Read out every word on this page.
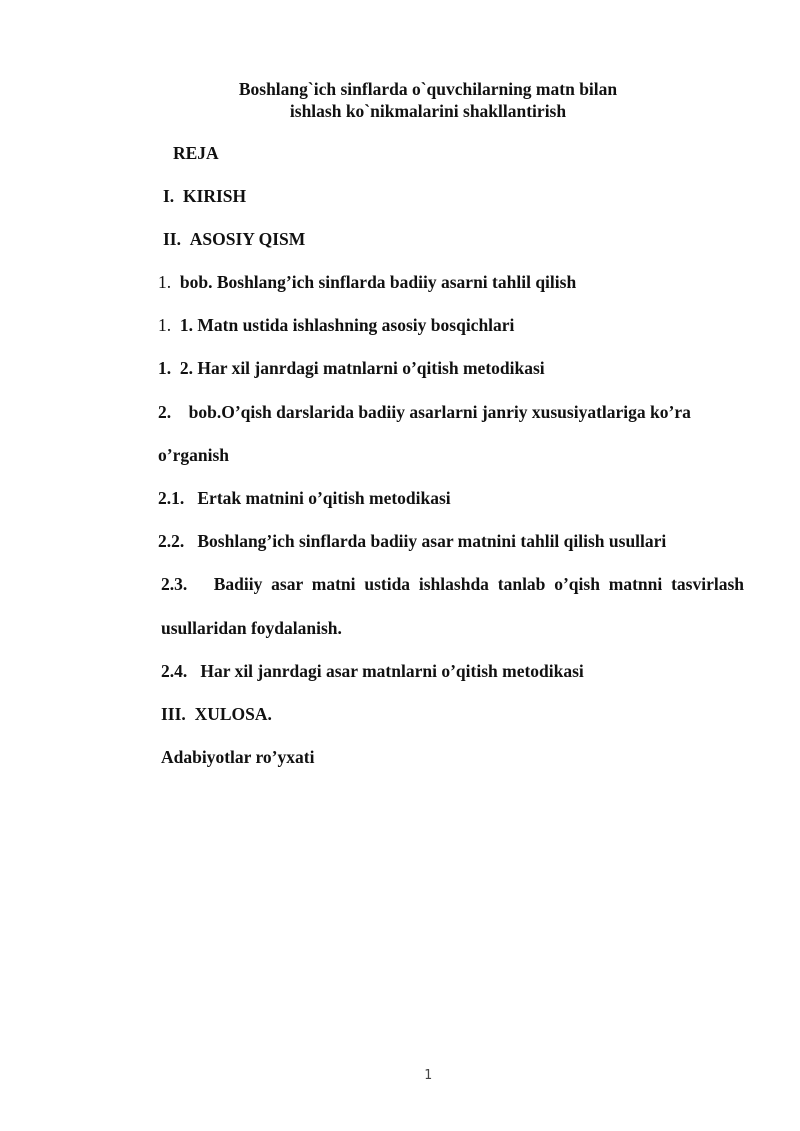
Boshlang`ich sinflarda o`quvchilarning matn bilan
ishlash ko`nikmalarini shakllantirish
REJA
I. KIRISH
II. ASOSIY QISM
1. bob. Boshlang’ich sinflarda badiiy asarni tahlil qilish
1. 1. Matn ustida ishlashning asosiy bosqichlari
1. 2. Har xil janrdagi matnlarni o’qitish metodikasi
2. bob.O’qish darslarida badiiy asarlarni janriy xususiyatlariga ko’ra
o’rganish
2.1. Ertak matnini o’qitish metodikasi
2.2. Boshlang’ich sinflarda badiiy asar matnini tahlil qilish usullari
2.3. Badiiy asar matni ustida ishlashda tanlab o’qish matnni tasvirlash
usullaridan foydalanish.
2.4. Har xil janrdagi asar matnlarni o’qitish metodikasi
III. XULOSA.
Adabiyotlar ro’yxati
1
